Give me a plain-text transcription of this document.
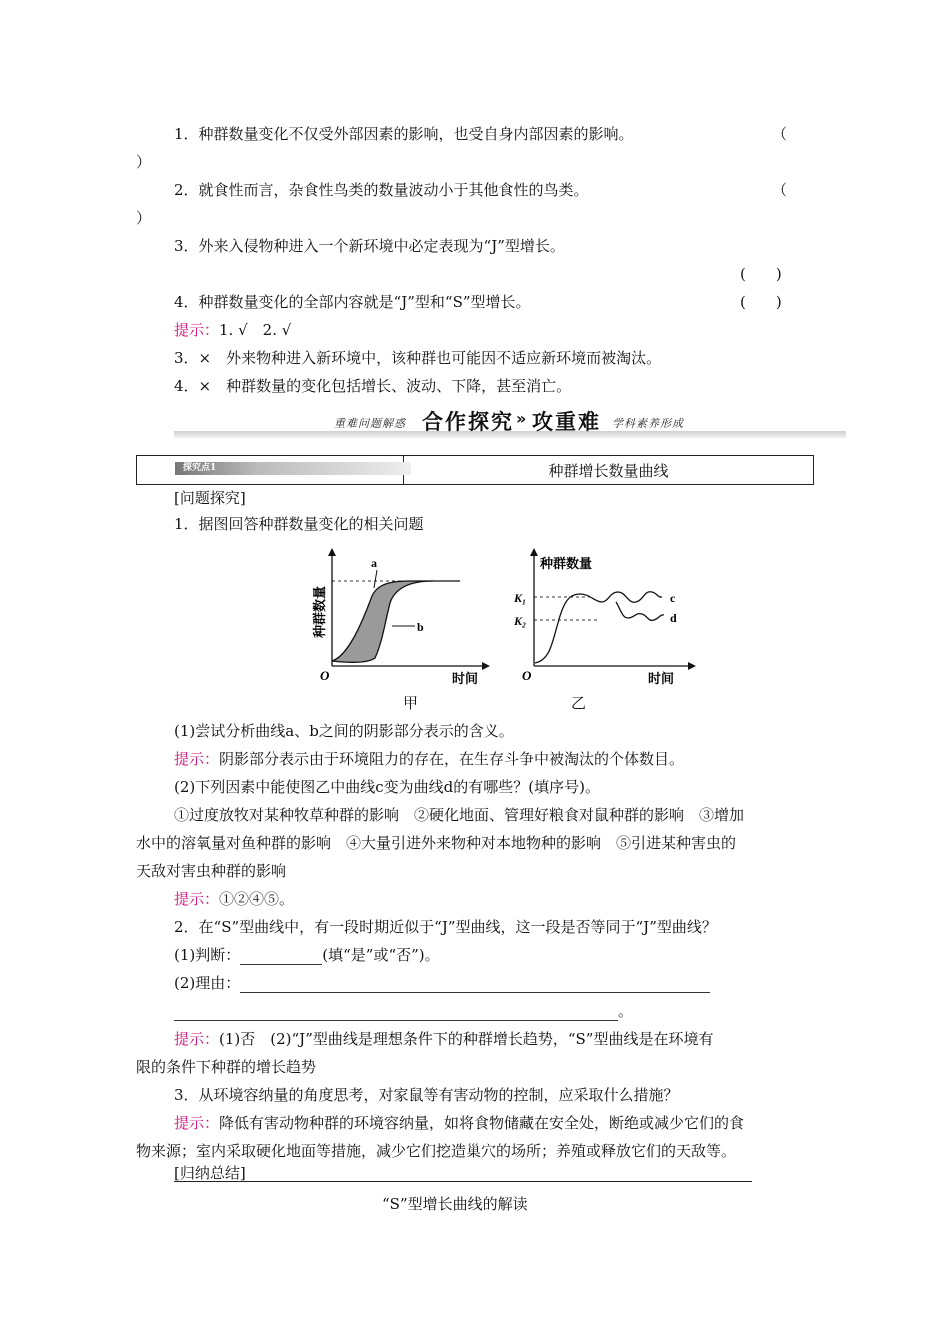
1．种群数量变化不仅受外部因素的影响，也受自身内部因素的影响。	（
）
2．就食性而言，杂食性鸟类的数量波动小于其他食性的鸟类。	（
）
3．外来入侵物种进入一个新环境中必定表现为“J”型增长。
(　　)
4．种群数量变化的全部内容就是“J”型和“S”型增长。	(　　)
提示：1. √　2. √
3．×　外来物种进入新环境中，该种群也可能因不适应新环境而被淘汰。
4．×　种群数量的变化包括增长、波动、下降，甚至消亡。
重难问题解惑 合作探究 » 攻重难 学科素养形成
探究点1	种群增长数量曲线
[问题探究]
1．据图回答种群数量变化的相关问题
a
b
O	时间
种群数量
种群数量
K₁
K₂
c
d
O	时间
甲	乙
(1)尝试分析曲线a、b之间的阴影部分表示的含义。
提示：阴影部分表示由于环境阻力的存在，在生存斗争中被淘汰的个体数目。
(2)下列因素中能使图乙中曲线c变为曲线d的有哪些？(填序号)。
①过度放牧对某种牧草种群的影响　②硬化地面、管理好粮食对鼠种群的影响　③增加
水中的溶氧量对鱼种群的影响　④大量引进外来物种对本地物种的影响　⑤引进某种害虫的
天敌对害虫种群的影响
提示：①②④⑤。
2．在“S”型曲线中，有一段时期近似于“J”型曲线，这一段是否等同于“J”型曲线？
(1)判断：	(填“是”或“否”)。
(2)理由：
。
提示：(1)否　(2)“J”型曲线是理想条件下的种群增长趋势，“S”型曲线是在环境有
限的条件下种群的增长趋势
3．从环境容纳量的角度思考，对家鼠等有害动物的控制，应采取什么措施？
提示：降低有害动物种群的环境容纳量，如将食物储藏在安全处，断绝或减少它们的食
物来源；室内采取硬化地面等措施，减少它们挖造巢穴的场所；养殖或释放它们的天敌等。
[归纳总结]
“S”型增长曲线的解读
